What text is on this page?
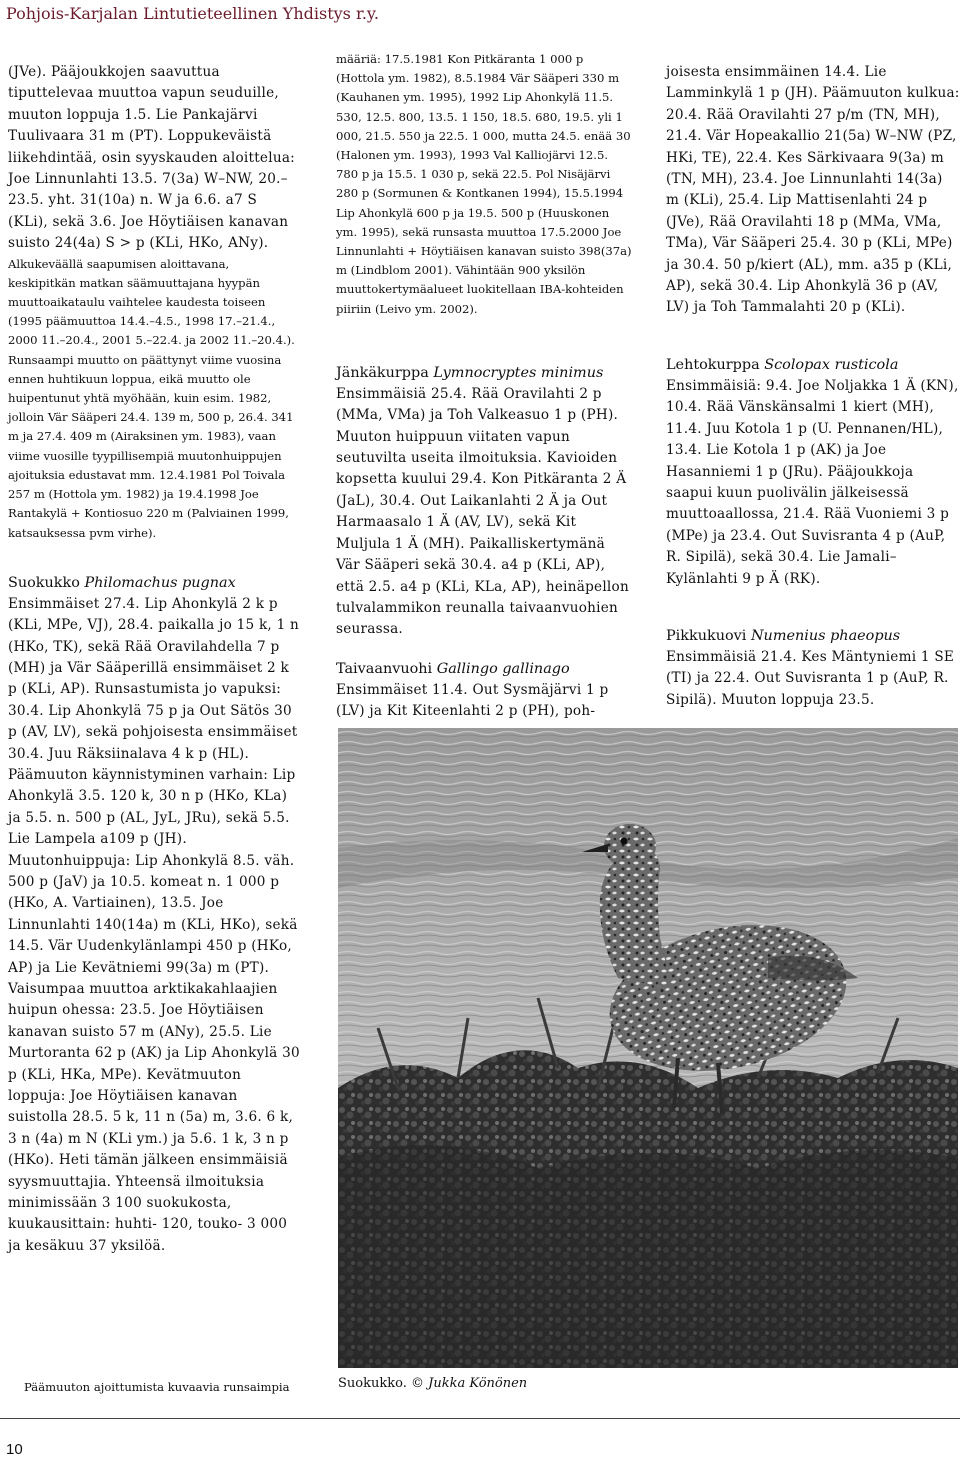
Pohjois-Karjalan Lintutieteellinen Yhdistys r.y.

(JVe). Pääjoukkojen saavuttua tiputtelevaa muuttoa vapun seuduille, muuton loppuja 1.5. Lie Pankajärvi Tuulivaara 31 m (PT). Loppukeväistä liikehdintää, osin syyskauden aloittelua: Joe Linnunlahti 13.5. 7(3a) W–NW, 20.–23.5. yht. 31(10a) n. W ja 6.6. a7 S (KLi), sekä 3.6. Joe Höytiäisen kanavan suisto 24(4a) S > p (KLi, HKo, ANy).

Alkukeväällä saapumisen aloittavana, keskipitkän matkan säämuuttajana hyypän muuttoaikataulu vaihtelee kaudesta toiseen (1995 päämuuttoa 14.4.–4.5., 1998 17.–21.4., 2000 11.–20.4., 2001 5.–22.4. ja 2002 11.–20.4.). Runsaampi muutto on päättynyt viime vuosina ennen huhtikuun loppua, eikä muutto ole huipentunut yhtä myöhään, kuin esim. 1982, jolloin Vär Sääperi 24.4. 139 m, 500 p, 26.4. 341 m ja 27.4. 409 m (Airaksinen ym. 1983), vaan viime vuosille tyypillisempiä muutonhuippujen ajoituksia edustavat mm. 12.4.1981 Pol Toivala 257 m (Hottola ym. 1982) ja 19.4.1998 Joe Rantakylä + Kontiosuo 220 m (Palviainen 1999, katsauksessa pvm virhe).

Suokukko Philomachus pugnax

Ensimmäiset 27.4. Lip Ahonkylä 2 k p (KLi, MPe, VJ), 28.4. paikalla jo 15 k, 1 n (HKo, TK), sekä Rää Oravilahdella 7 p (MH) ja Vär Sääperillä ensimmäiset 2 k p (KLi, AP). Runsastumista jo vapuksi: 30.4. Lip Ahonkylä 75 p ja Out Sätös 30 p (AV, LV), sekä pohjoisesta ensimmäiset 30.4. Juu Räksiinalava 4 k p (HL). Päämuuton käynnistyminen varhain: Lip Ahonkylä 3.5. 120 k, 30 n p (HKo, KLa) ja 5.5. n. 500 p (AL, JyL, JRu), sekä 5.5. Lie Lampela a109 p (JH). Muutonhuippuja: Lip Ahonkylä 8.5. väh. 500 p (JaV) ja 10.5. komeat n. 1 000 p (HKo, A. Vartiainen), 13.5. Joe Linnunlahti 140(14a) m (KLi, HKo), sekä 14.5. Vär Uudenkylänlampi 450 p (HKo, AP) ja Lie Kevätniemi 99(3a) m (PT). Vaisumpaa muuttoa arktikakahlaajien huipun ohessa: 23.5. Joe Höytiäisen kanavan suisto 57 m (ANy), 25.5. Lie Murtoranta 62 p (AK) ja Lip Ahonkylä 30 p (KLi, HKa, MPe). Kevätmuuton loppuja: Joe Höytiäisen kanavan suistolla 28.5. 5 k, 11 n (5a) m, 3.6. 6 k, 3 n (4a) m N (KLi ym.) ja 5.6. 1 k, 3 n p (HKo). Heti tämän jälkeen ensimmäisiä syysmuuttajia. Yhteensä ilmoituksia minimissään 3 100 suokukosta, kuukausittain: huhti- 120, touko- 3 000 ja kesäkuu 37 yksilöä.

määriä: 17.5.1981 Kon Pitkäranta 1 000 p (Hottola ym. 1982), 8.5.1984 Vär Sääperi 330 m (Kauhanen ym. 1995), 1992 Lip Ahonkylä 11.5. 530, 12.5. 800, 13.5. 1 150, 18.5. 680, 19.5. yli 1 000, 21.5. 550 ja 22.5. 1 000, mutta 24.5. enää 30 (Halonen ym. 1993), 1993 Val Kalliojärvi 12.5. 780 p ja 15.5. 1 030 p, sekä 22.5. Pol Nisäjärvi 280 p (Sormunen & Kontkanen 1994), 15.5.1994 Lip Ahonkylä 600 p ja 19.5. 500 p (Huuskonen ym. 1995), sekä runsasta muuttoa 17.5.2000 Joe Linnunlahti + Höytiäisen kanavan suisto 398(37a) m (Lindblom 2001). Vähintään 900 yksilön muuttokertymäalueet luokitellaan IBA-kohteiden piiriin (Leivo ym. 2002).

Jänkäkurppa Lymnocryptes minimus

Ensimmäisiä 25.4. Rää Oravilahti 2 p (MMa, VMa) ja Toh Valkeasuo 1 p (PH). Muuton huippuun viitaten vapun seutuvilta useita ilmoituksia. Kavioiden kopsetta kuului 29.4. Kon Pitkäranta 2 Ä (JaL), 30.4. Out Laikanlahti 2 Ä ja Out Harmaasalo 1 Ä (AV, LV), sekä Kit Muljula 1 Ä (MH). Paikalliskertymänä Vär Sääperi sekä 30.4. a4 p (KLi, AP), että 2.5. a4 p (KLi, KLa, AP), heinäpellon tulvalammikon reunalla taivaanvuohien seurassa.

Taivaanvuohi Gallingo gallinago

Ensimmäiset 11.4. Out Sysmäjärvi 1 p (LV) ja Kit Kiteenlahti 2 p (PH), poh-

joisesta ensimmäinen 14.4. Lie Lamminkylä 1 p (JH). Päämuuton kulkua: 20.4. Rää Oravilahti 27 p/m (TN, MH), 21.4. Vär Hopeakallio 21(5a) W–NW (PZ, HKi, TE), 22.4. Kes Särkivaara 9(3a) m (TN, MH), 23.4. Joe Linnunlahti 14(3a) m (KLi), 25.4. Lip Mattisenlahti 24 p (JVe), Rää Oravilahti 18 p (MMa, VMa, TMa), Vär Sääperi 25.4. 30 p (KLi, MPe) ja 30.4. 50 p/kiert (AL), mm. a35 p (KLi, AP), sekä 30.4. Lip Ahonkylä 36 p (AV, LV) ja Toh Tammalahti 20 p (KLi).

Lehtokurppa Scolopax rusticola

Ensimmäisiä: 9.4. Joe Noljakka 1 Ä (KN), 10.4. Rää Vänskänsalmi 1 kiert (MH), 11.4. Juu Kotola 1 p (U. Pennanen/HL), 13.4. Lie Kotola 1 p (AK) ja Joe Hasanniemi 1 p (JRu). Pääjoukkoja saapui kuun puolivälin jälkeisessä muuttoaallossa, 21.4. Rää Vuoniemi 3 p (MPe) ja 23.4. Out Suvisranta 4 p (AuP, R. Sipilä), sekä 30.4. Lie Jamali–Kylänlahti 9 p Ä (RK).

Pikkukuovi Numenius phaeopus

Ensimmäisiä 21.4. Kes Mäntyniemi 1 SE (TI) ja 22.4. Out Suvisranta 1 p (AuP, R. Sipilä). Muuton loppuja 23.5.

Suokukko. © Jukka Könönen
Päämuuton ajoittumista kuvaavia runsaimpia
10
